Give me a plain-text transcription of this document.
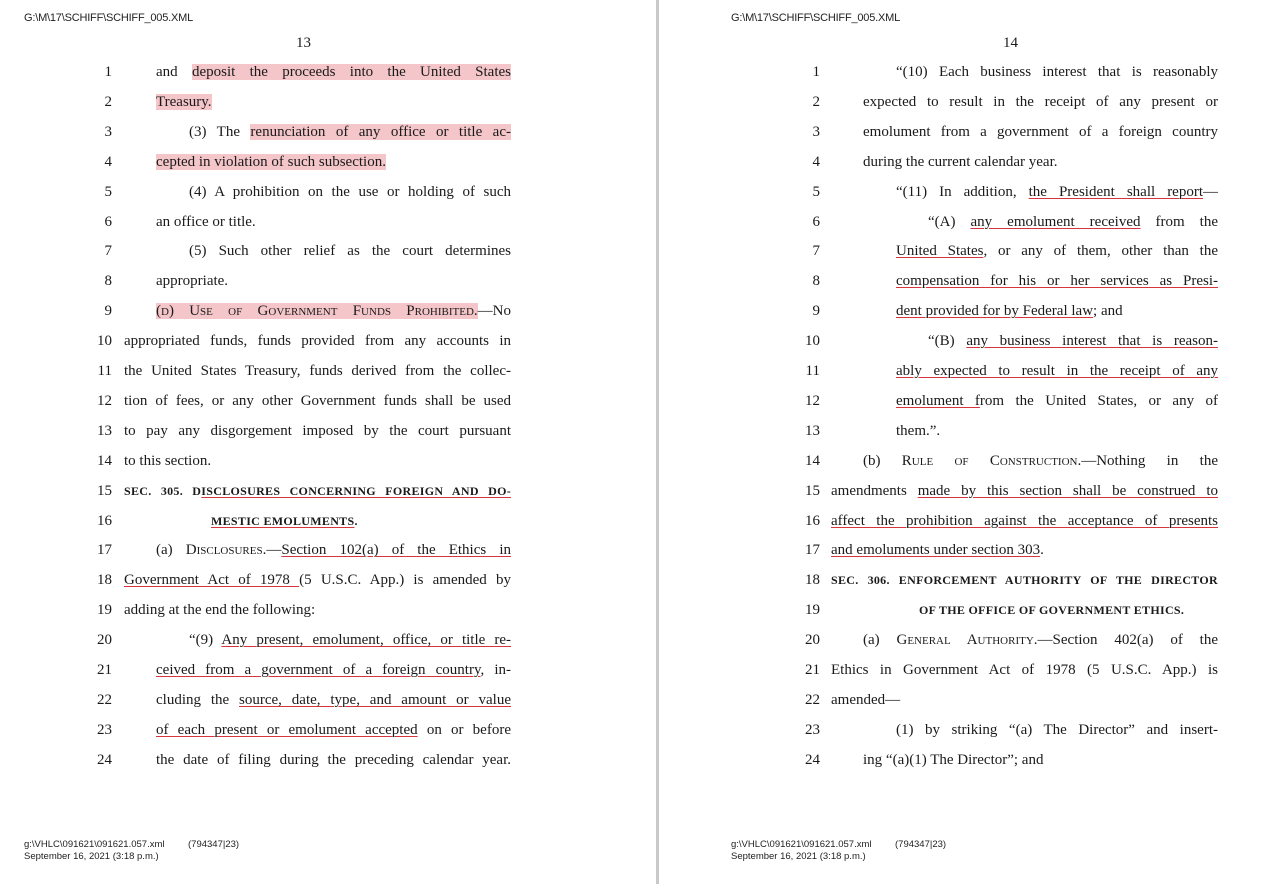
G:\M\17\SCHIFF\SCHIFF_005.XML
13
1	and deposit the proceeds into the United States
2	Treasury.
3	(3) The renunciation of any office or title ac-
4	cepted in violation of such subsection.
5	(4) A prohibition on the use or holding of such
6	an office or title.
7	(5) Such other relief as the court determines
8	appropriate.
9	(d) Use of Government Funds Prohibited.—No
10 appropriated funds, funds provided from any accounts in
11 the United States Treasury, funds derived from the collec-
12 tion of fees, or any other Government funds shall be used
13 to pay any disgorgement imposed by the court pursuant
14 to this section.
15 SEC. 305. DISCLOSURES CONCERNING FOREIGN AND DO-
16	MESTIC EMOLUMENTS.
17	(a) Disclosures.—Section 102(a) of the Ethics in
18 Government Act of 1978 (5 U.S.C. App.) is amended by
19 adding at the end the following:
20	“(9) Any present, emolument, office, or title re-
21	ceived from a government of a foreign country, in-
22	cluding the source, date, type, and amount or value
23	of each present or emolument accepted on or before
24	the date of filing during the preceding calendar year.
g:\VHLC\091621\091621.057.xml (794347|23)
September 16, 2021 (3:18 p.m.)
G:\M\17\SCHIFF\SCHIFF_005.XML
14
1	“(10) Each business interest that is reasonably
2	expected to result in the receipt of any present or
3	emolument from a government of a foreign country
4	during the current calendar year.
5	“(11) In addition, the President shall report—
6	“(A) any emolument received from the
7	United States, or any of them, other than the
8	compensation for his or her services as Presi-
9	dent provided for by Federal law; and
10	“(B) any business interest that is reason-
11	ably expected to result in the receipt of any
12	emolument from the United States, or any of
13	them.”.
14	(b) Rule of Construction.—Nothing in the
15 amendments made by this section shall be construed to
16 affect the prohibition against the acceptance of presents
17 and emoluments under section 303.
18 SEC. 306. ENFORCEMENT AUTHORITY OF THE DIRECTOR
19	OF THE OFFICE OF GOVERNMENT ETHICS.
20	(a) General Authority.—Section 402(a) of the
21 Ethics in Government Act of 1978 (5 U.S.C. App.) is
22 amended—
23	(1) by striking “(a) The Director” and insert-
24	ing “(a)(1) The Director”; and
g:\VHLC\091621\091621.057.xml (794347|23)
September 16, 2021 (3:18 p.m.)
